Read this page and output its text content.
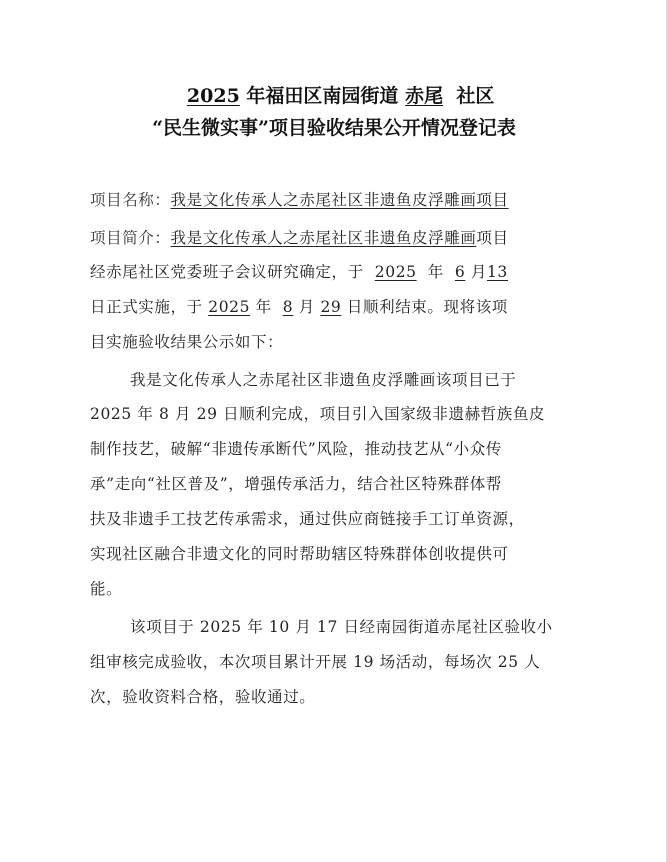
2025 年福田区南园街道 赤尾 社区
“民生微实事”项目验收结果公开情况登记表
项目名称：我是文化传承人之赤尾社区非遗鱼皮浮雕画项目
项目简介：我是文化传承人之赤尾社区非遗鱼皮浮雕画项目
经赤尾社区党委班子会议研究确定，于 2025 年 6 月13
日正式实施，于 2025 年 8 月 29 日顺利结束。现将该项
目实施验收结果公示如下：
我是文化传承人之赤尾社区非遗鱼皮浮雕画该项目已于
2025 年 8 月 29 日顺利完成，项目引入国家级非遗赫哲族鱼皮
制作技艺，破解“非遗传承断代”风险，推动技艺从“小众传
承”走向“社区普及”，增强传承活力，结合社区特殊群体帮
扶及非遗手工技艺传承需求，通过供应商链接手工订单资源，
实现社区融合非遗文化的同时帮助辖区特殊群体创收提供可
能。
该项目于 2025 年 10 月 17 日经南园街道赤尾社区验收小
组审核完成验收，本次项目累计开展 19 场活动，每场次 25 人
次，验收资料合格，验收通过。
